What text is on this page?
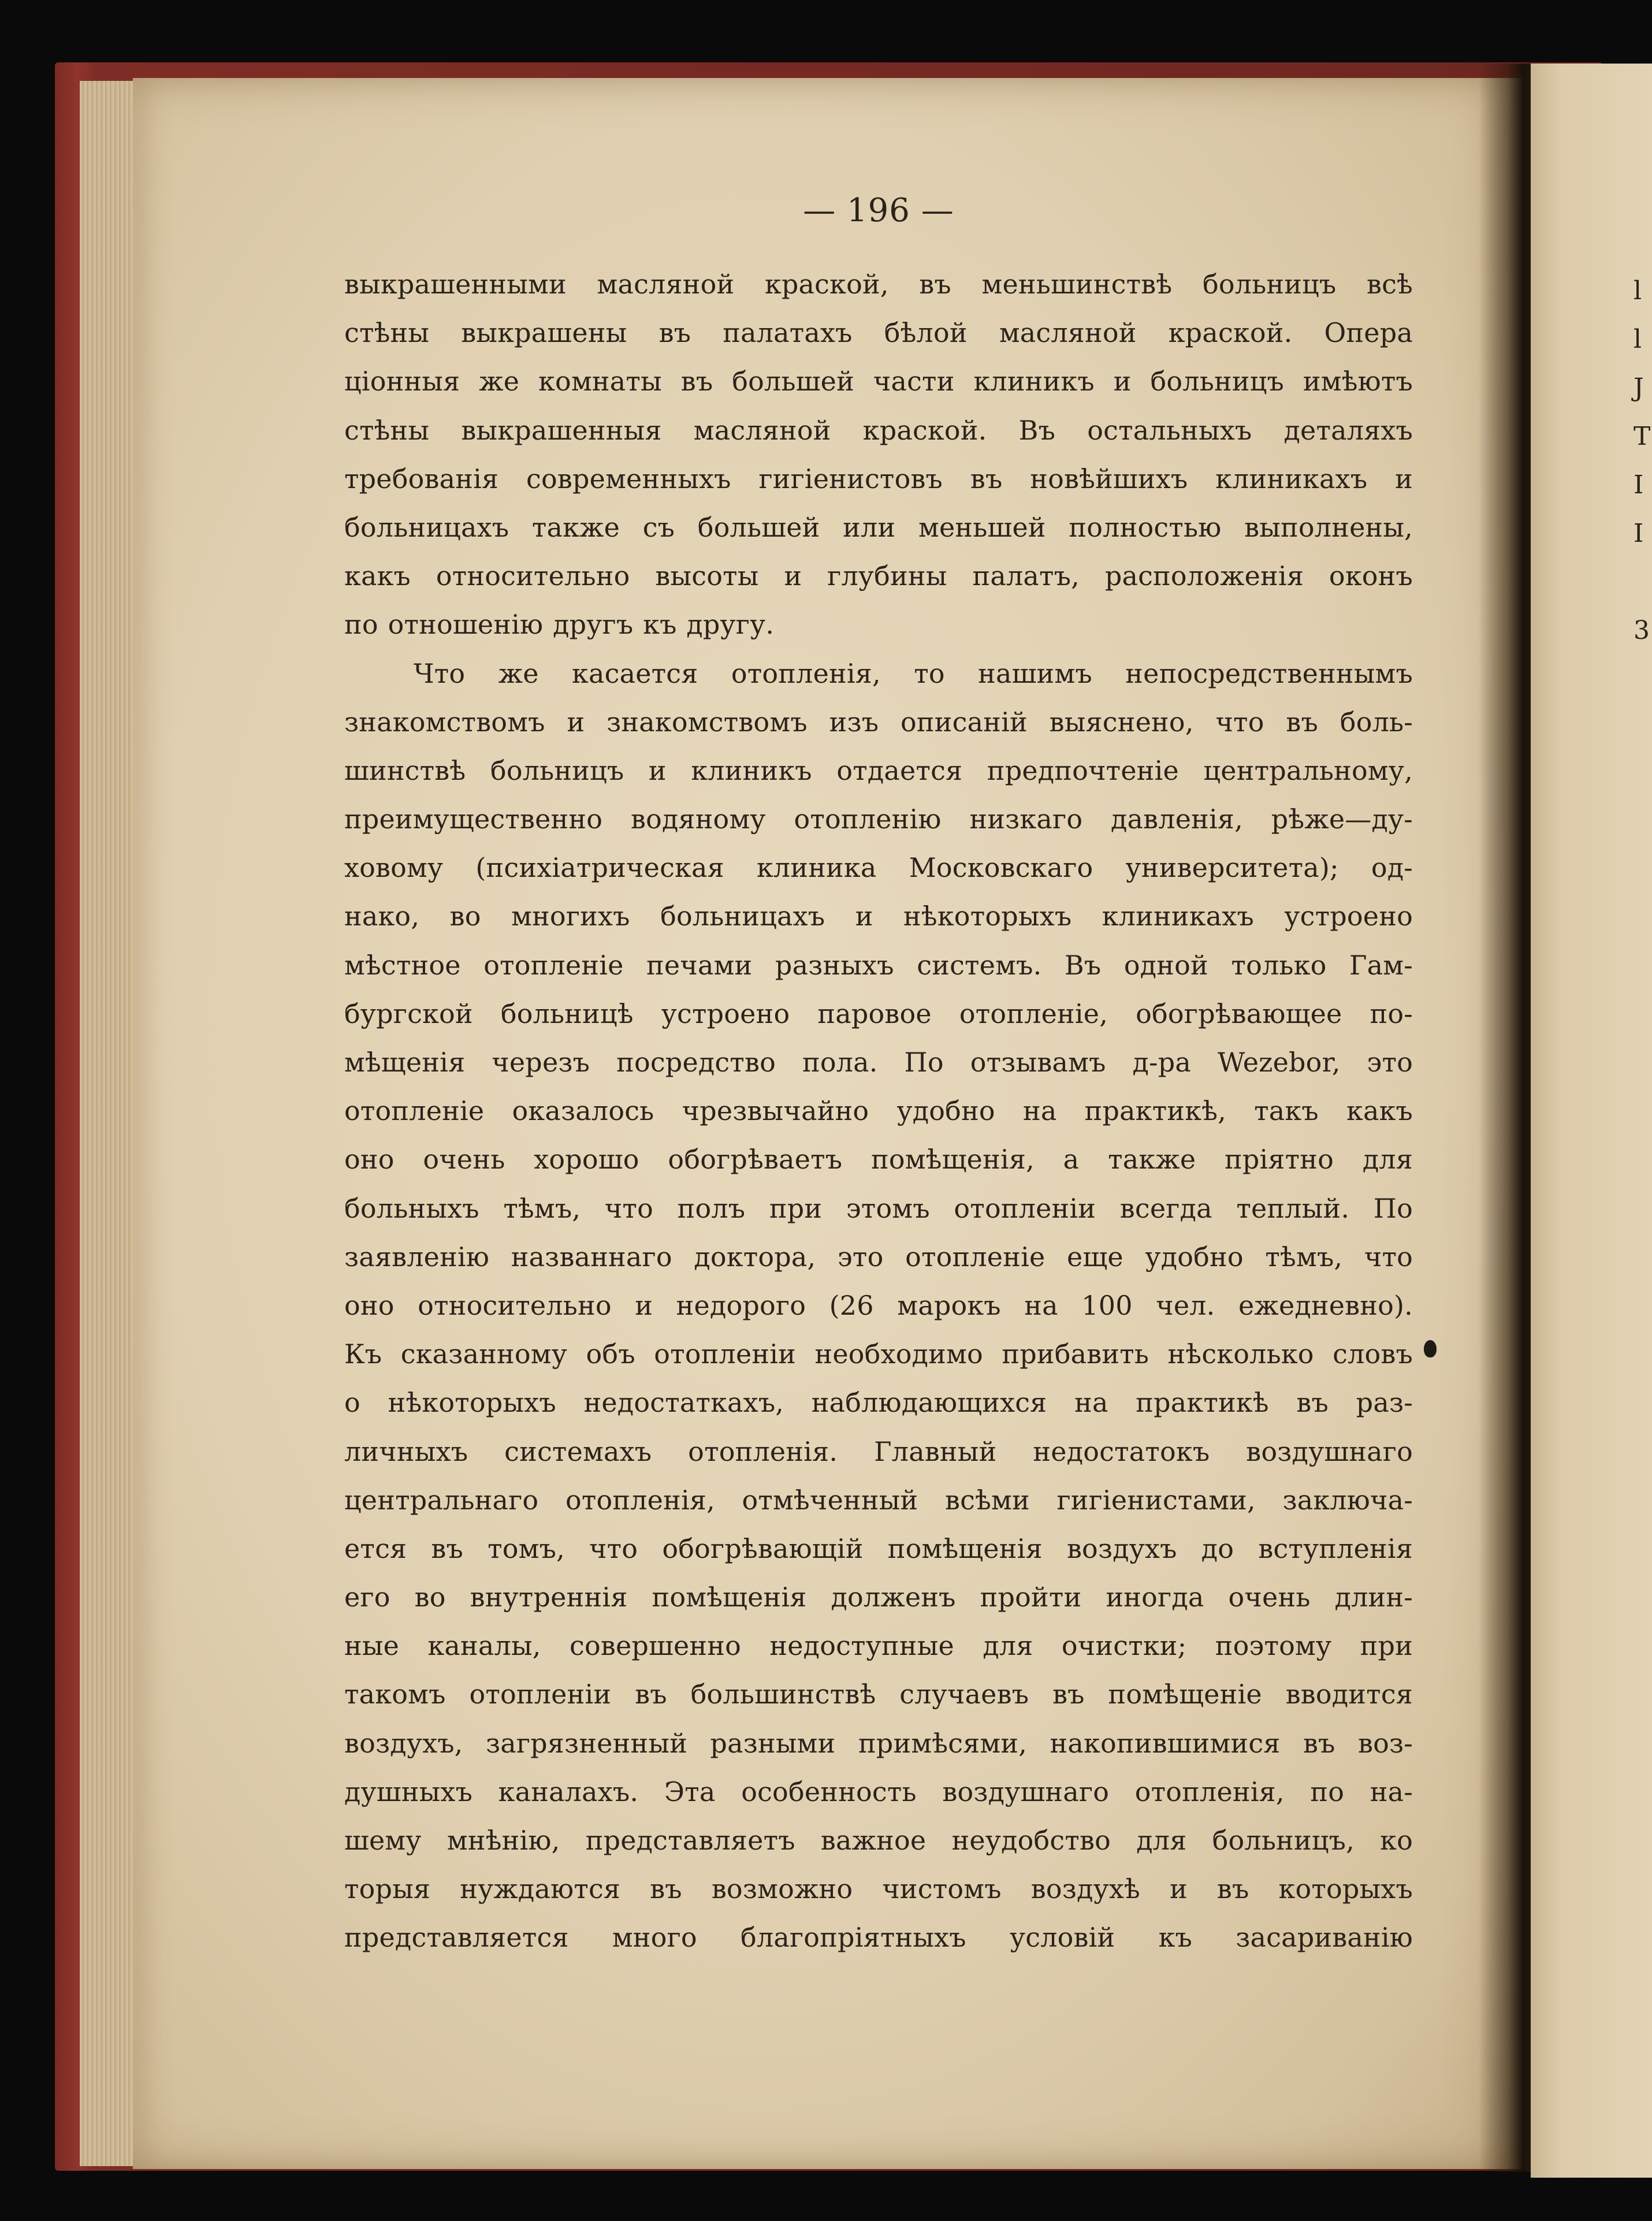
l
l
J
T
I
I
3
— 196 —
выкрашенными масляной краской, въ меньшинствѣ больницъ всѣ
стѣны выкрашены въ палатахъ бѣлой масляной краской. Опера
ціонныя же комнаты въ большей части клиникъ и больницъ имѣютъ
стѣны выкрашенныя масляной краской. Въ остальныхъ деталяхъ
требованія современныхъ гигіенистовъ въ новѣйшихъ клиникахъ и
больницахъ также съ большей или меньшей полностью выполнены,
какъ относительно высоты и глубины палатъ, расположенія оконъ
по отношенію другъ къ другу.
Что же касается отопленія, то нашимъ непосредственнымъ
знакомствомъ и знакомствомъ изъ описаній выяснено, что въ боль-
шинствѣ больницъ и клиникъ отдается предпочтеніе центральному,
преимущественно водяному отопленію низкаго давленія, рѣже—ду-
ховому (психіатрическая клиника Московскаго университета); од-
нако, во многихъ больницахъ и нѣкоторыхъ клиникахъ устроено
мѣстное отопленіе печами разныхъ системъ. Въ одной только Гам-
бургской больницѣ устроено паровое отопленіе, обогрѣвающее по-
мѣщенія черезъ посредство пола. По отзывамъ д-ра Wezebor, это
отопленіе оказалось чрезвычайно удобно на практикѣ, такъ какъ
оно очень хорошо обогрѣваетъ помѣщенія, а также пріятно для
больныхъ тѣмъ, что полъ при этомъ отопленіи всегда теплый. По
заявленію названнаго доктора, это отопленіе еще удобно тѣмъ, что
оно относительно и недорого (26 марокъ на 100 чел. ежедневно).
Къ сказанному объ отопленіи необходимо прибавить нѣсколько словъ
о нѣкоторыхъ недостаткахъ, наблюдающихся на практикѣ въ раз-
личныхъ системахъ отопленія. Главный недостатокъ воздушнаго
центральнаго отопленія, отмѣченный всѣми гигіенистами, заключа-
ется въ томъ, что обогрѣвающій помѣщенія воздухъ до вступленія
его во внутреннія помѣщенія долженъ пройти иногда очень длин-
ные каналы, совершенно недоступные для очистки; поэтому при
такомъ отопленіи въ большинствѣ случаевъ въ помѣщеніе вводится
воздухъ, загрязненный разными примѣсями, накопившимися въ воз-
душныхъ каналахъ. Эта особенность воздушнаго отопленія, по на-
шему мнѣнію, представляетъ важное неудобство для больницъ, ко
торыя нуждаются въ возможно чистомъ воздухѣ и въ которыхъ
представляется много благопріятныхъ условій къ засариванію
